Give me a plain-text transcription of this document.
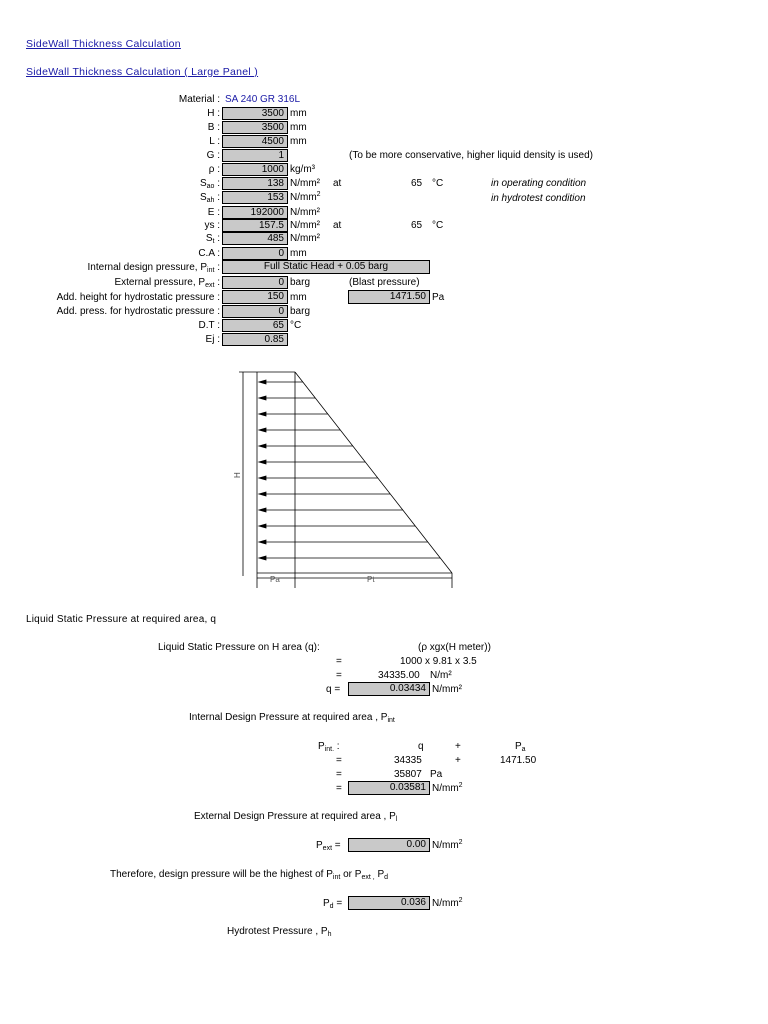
SideWall Thickness Calculation
SideWall Thickness Calculation ( Large Panel )
Material : SA 240 GR 316L
H :	3500 mm
B :	3500 mm
L :	4500 mm
G :	1	(To be more conservative, higher liquid density is used)
ρ :	1000 kg/m³
$S_{ao}$ :	138 N/mm² at	65 °C	in operating condition
$S_{ah}$ :	153 $N/mm^2$	in hydrotest condition
E :	192000 N/mm²
ys :	157.5 N/mm² at	65 °C
$S_t$ :	485 N/mm²
C.A :	0 mm
Internal design pressure, $P_{int}$ :	Full Static Head + 0.05 barg
External pressure, $P_{ext}$ :	0 barg	(Blast pressure)
Add. height for hydrostatic pressure :	150 mm	1471.50 Pa
Add. press. for hydrostatic pressure :	0 barg
D.T :	65 °C
Ej :	0.85
H
Pa	Pt
Liquid Static Pressure at required area, q
Liquid Static Pressure on H area (q):	(ρ xgx(H meter))
=	1000 x 9.81 x 3.5
=	34335.00 N/m²
q =	0.03434 N/mm²
Internal Design Pressure at required area , $P_{int}$
$P_{int.}$ :	q	+	$P_a$
=	34335	+	1471.50
=	35807 Pa
=	0.03581 $N/mm^2$
External Design Pressure at required area , $P_l$
$P_{ext}$ =	0.00 $N/mm^2$
Therefore, design pressure will be the highest of $P_{int}$ or $P_{ext ,}$ $P_d$
$P_d$ =	0.036 $N/mm^2$
Hydrotest Pressure , $P_h$
